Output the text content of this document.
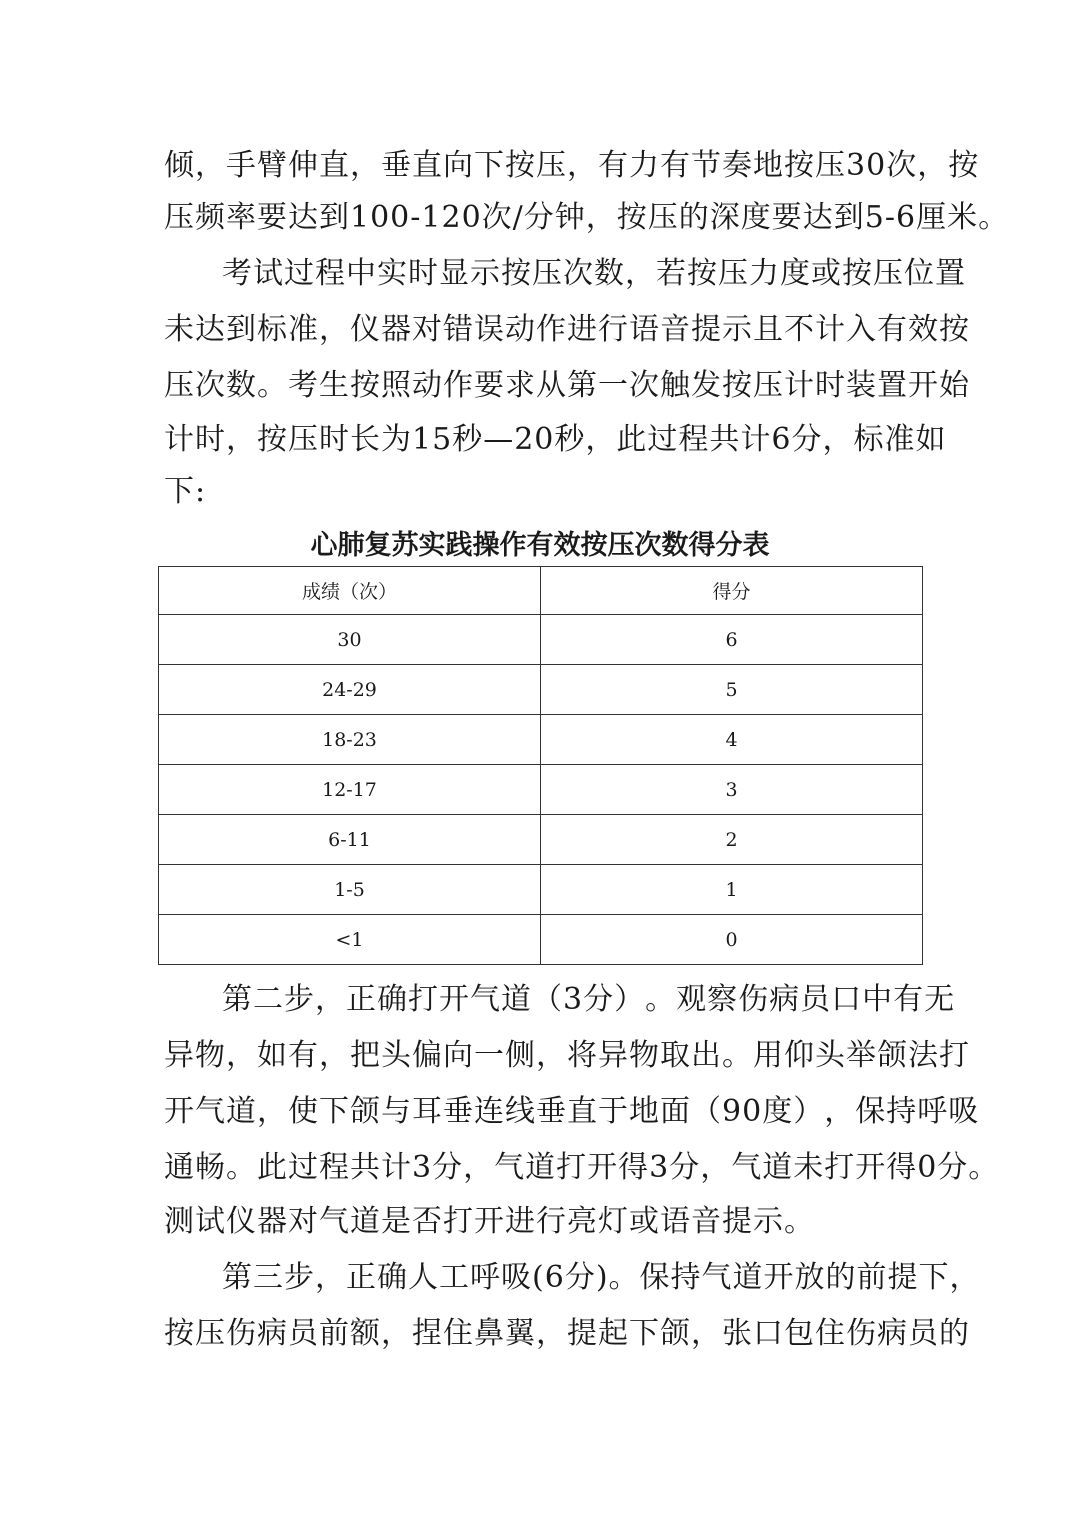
倾 ， 手 臂 伸 直 ， 垂 直 向 下 按 压 ， 有 力 有 节 奏 地 按 压 30 次 ， 按
压 频 率 要 达 到 100-120 次 / 分 钟 ， 按 压 的 深 度 要 达 到 5-6 厘 米 。
考 试 过 程 中 实 时 显 示 按 压 次 数 ， 若 按 压 力 度 或 按 压 位 置
未 达 到 标 准 ， 仪 器 对 错 误 动 作 进 行 语 音 提 示 且 不 计 入 有 效 按
压 次 数 。 考 生 按 照 动 作 要 求 从 第 一 次 触 发 按 压 计 时 装 置 开 始
计 时 ， 按 压 时 长 为 15 秒 — 20 秒 ， 此 过 程 共 计 6 分 ， 标 准 如
下:
心肺复苏实践操作有效按压次数得分表
成绩（次）	得分
30	6
24-29	5
18-23	4
12-17	3
6-11	2
1-5	1
<1	0
第 二 步 ， 正 确 打 开 气 道 （ 3 分 ） 。 观 察 伤 病 员 口 中 有 无
异 物 ， 如 有 ， 把 头 偏 向 一 侧 ， 将 异 物 取 出 。 用 仰 头 举 颌 法 打
开 气 道 ， 使 下 颌 与 耳 垂 连 线 垂 直 于 地 面 （ 90 度 ） ， 保 持 呼 吸
通 畅 。 此 过 程 共 计 3 分 ， 气 道 打 开 得 3 分 ， 气 道 未 打 开 得 0 分 。
测试仪器对气道是否打开进行亮灯或语音提示。
第 三 步 ， 正 确 人 工 呼 吸 ( 6 分 ) 。 保 持 气 道 开 放 的 前 提 下 ，
按 压 伤 病 员 前 额 ， 捏 住 鼻 翼 ， 提 起 下 颌 ， 张 口 包 住 伤 病 员 的
